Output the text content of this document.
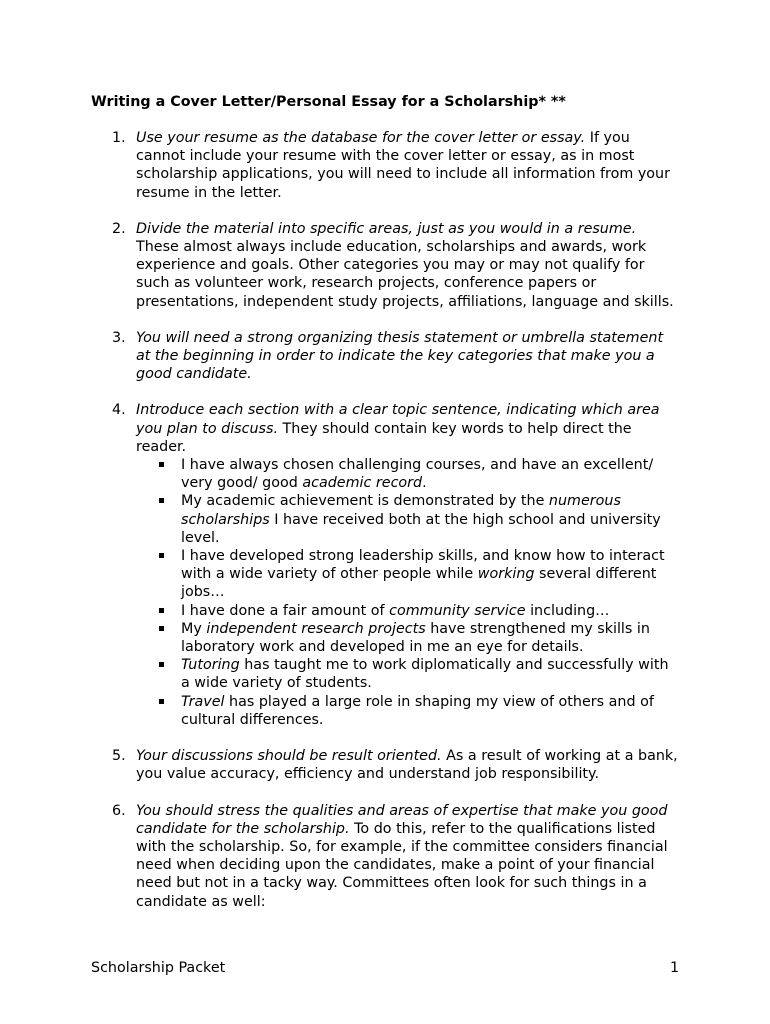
Writing a Cover Letter/Personal Essay for a Scholarship* **
1. Use your resume as the database for the cover letter or essay. If you cannot include your resume with the cover letter or essay, as in most scholarship applications, you will need to include all information from your resume in the letter.
2. Divide the material into specific areas, just as you would in a resume. These almost always include education, scholarships and awards, work experience and goals. Other categories you may or may not qualify for such as volunteer work, research projects, conference papers or presentations, independent study projects, affiliations, language and skills.
3. You will need a strong organizing thesis statement or umbrella statement at the beginning in order to indicate the key categories that make you a good candidate.
4. Introduce each section with a clear topic sentence, indicating which area you plan to discuss. They should contain key words to help direct the reader.
I have always chosen challenging courses, and have an excellent/ very good/ good academic record.
My academic achievement is demonstrated by the numerous scholarships I have received both at the high school and university level.
I have developed strong leadership skills, and know how to interact with a wide variety of other people while working several different jobs…
I have done a fair amount of community service including…
My independent research projects have strengthened my skills in laboratory work and developed in me an eye for details.
Tutoring has taught me to work diplomatically and successfully with a wide variety of students.
Travel has played a large role in shaping my view of others and of cultural differences.
5. Your discussions should be result oriented. As a result of working at a bank, you value accuracy, efficiency and understand job responsibility.
6. You should stress the qualities and areas of expertise that make you good candidate for the scholarship. To do this, refer to the qualifications listed with the scholarship. So, for example, if the committee considers financial need when deciding upon the candidates, make a point of your financial need but not in a tacky way. Committees often look for such things in a candidate as well:
Scholarship Packet	1
